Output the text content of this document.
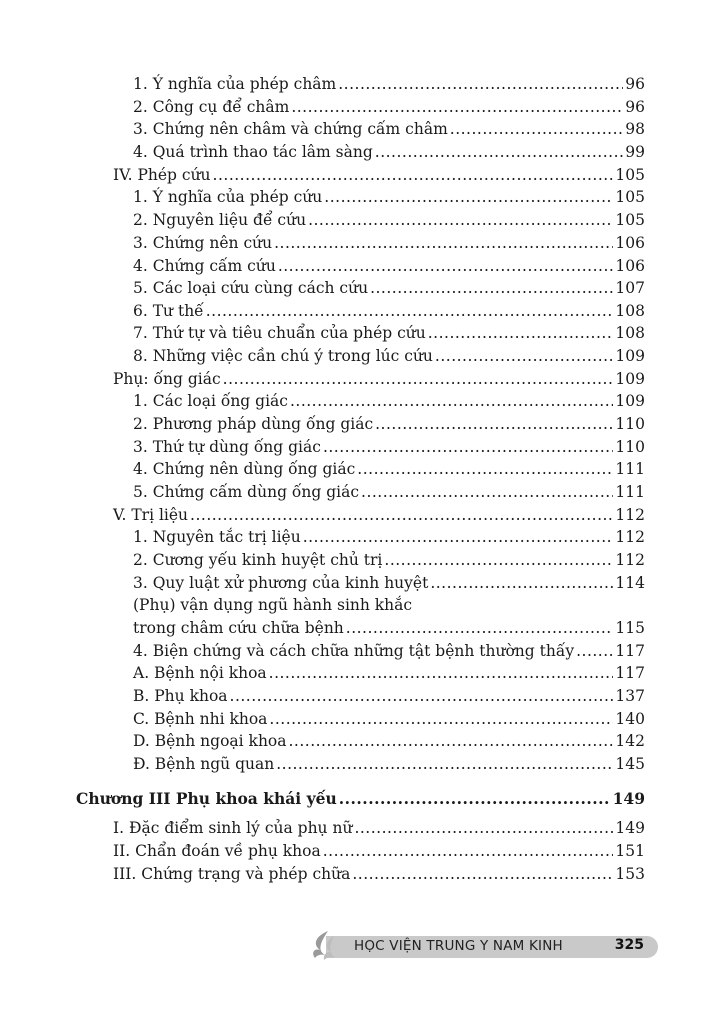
1. Ý nghĩa của phép châm .....	96
2. Công cụ để châm .....	96
3. Chứng nên châm và chứng cấm châm .....	98
4. Quá trình thao tác lâm sàng .....	99
IV. Phép cứu .....	105
1. Ý nghĩa của phép cứu .....	105
2. Nguyên liệu để cứu .....	105
3. Chứng nên cứu .....	106
4. Chứng cấm cứu .....	106
5. Các loại cứu cùng cách cứu .....	107
6. Tư thế .....	108
7. Thứ tự và tiêu chuẩn của phép cứu .....	108
8. Những việc cần chú ý trong lúc cứu .....	109
Phụ: ống giác .....	109
1. Các loại ống giác .....	109
2. Phương pháp dùng ống giác .....	110
3. Thứ tự dùng ống giác .....	110
4. Chứng nên dùng ống giác .....	111
5. Chứng cấm dùng ống giác .....	111
V. Trị liệu .....	112
1. Nguyên tắc trị liệu .....	112
2. Cương yếu kinh huyệt chủ trị .....	112
3. Quy luật xử phương của kinh huyệt .....	114
(Phụ) vận dụng ngũ hành sinh khắc
trong châm cứu chữa bệnh .....	115
4. Biện chứng và cách chữa những tật bệnh thường thấy .....	117
A. Bệnh nội khoa .....	117
B. Phụ khoa .....	137
C. Bệnh nhi khoa .....	140
D. Bệnh ngoại khoa .....	142
Đ. Bệnh ngũ quan .....	145
Chương III Phụ khoa khái yếu .....	149
I. Đặc điểm sinh lý của phụ nữ .....	149
II. Chẩn đoán về phụ khoa .....	151
III. Chứng trạng và phép chữa .....	153
HỌC VIỆN TRUNG Y NAM KINH	325
